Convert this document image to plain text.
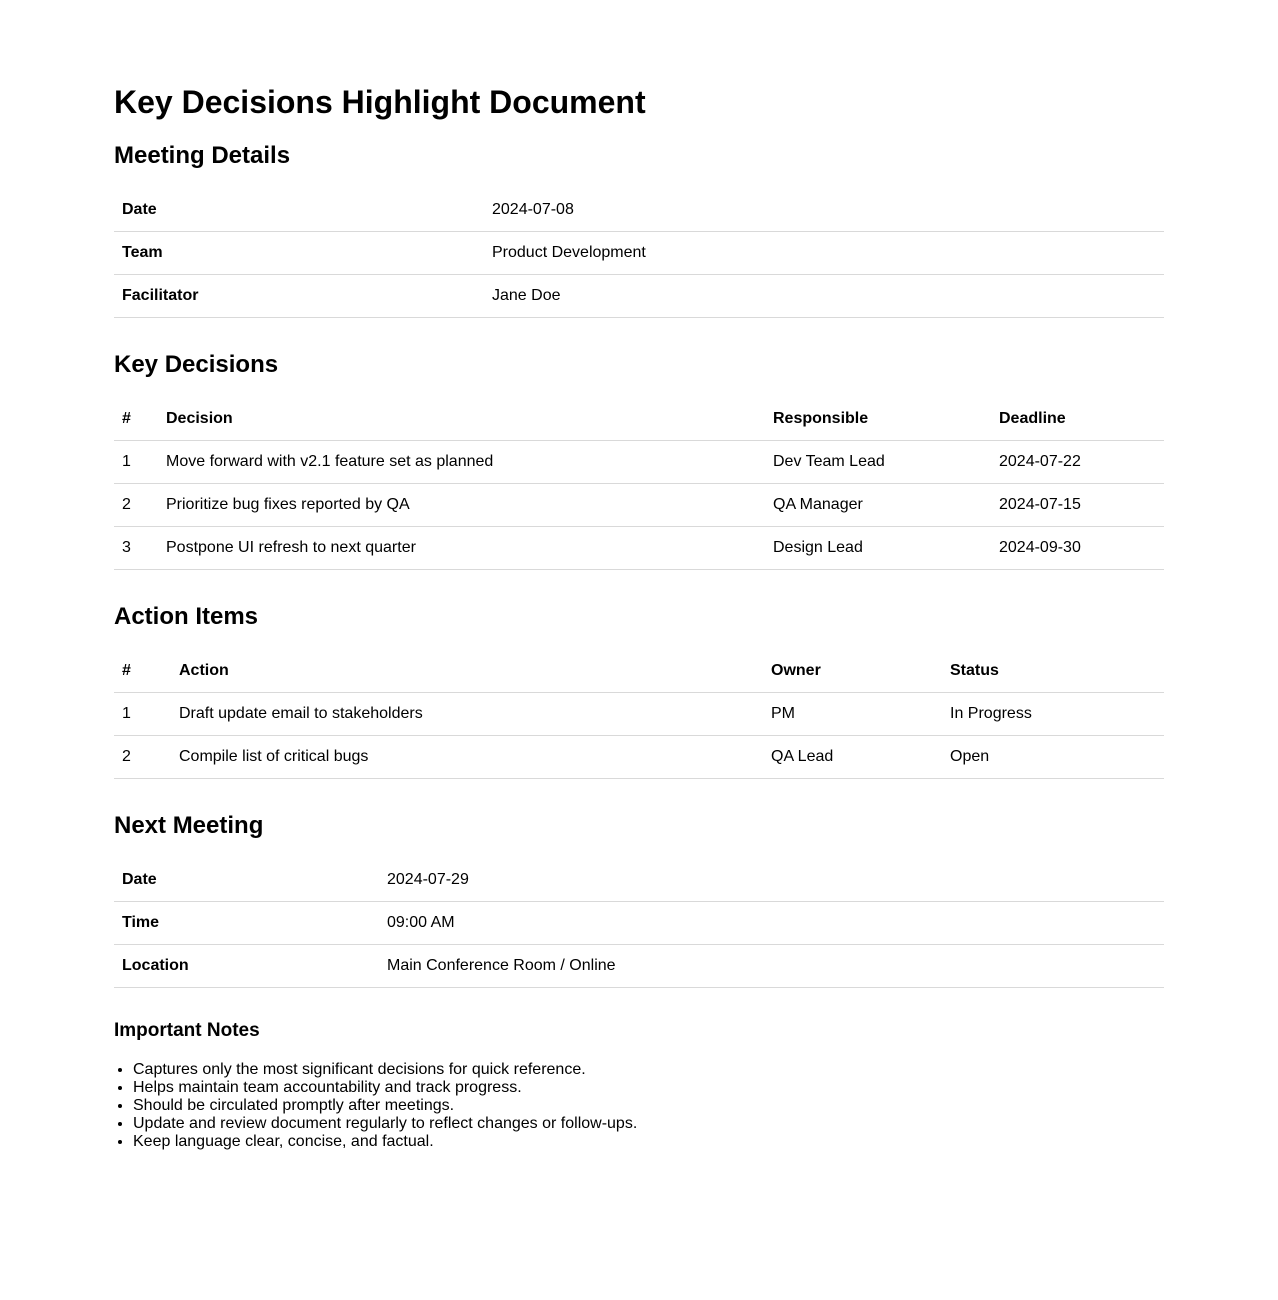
Key Decisions Highlight Document
Meeting Details
Date	2024-07-08
Team	Product Development
Facilitator	Jane Doe
Key Decisions
#	Decision	Responsible	Deadline
1	Move forward with v2.1 feature set as planned	Dev Team Lead	2024-07-22
2	Prioritize bug fixes reported by QA	QA Manager	2024-07-15
3	Postpone UI refresh to next quarter	Design Lead	2024-09-30
Action Items
#	Action	Owner	Status
1	Draft update email to stakeholders	PM	In Progress
2	Compile list of critical bugs	QA Lead	Open
Next Meeting
Date	2024-07-29
Time	09:00 AM
Location	Main Conference Room / Online
Important Notes
• Captures only the most significant decisions for quick reference.
• Helps maintain team accountability and track progress.
• Should be circulated promptly after meetings.
• Update and review document regularly to reflect changes or follow-ups.
• Keep language clear, concise, and factual.
